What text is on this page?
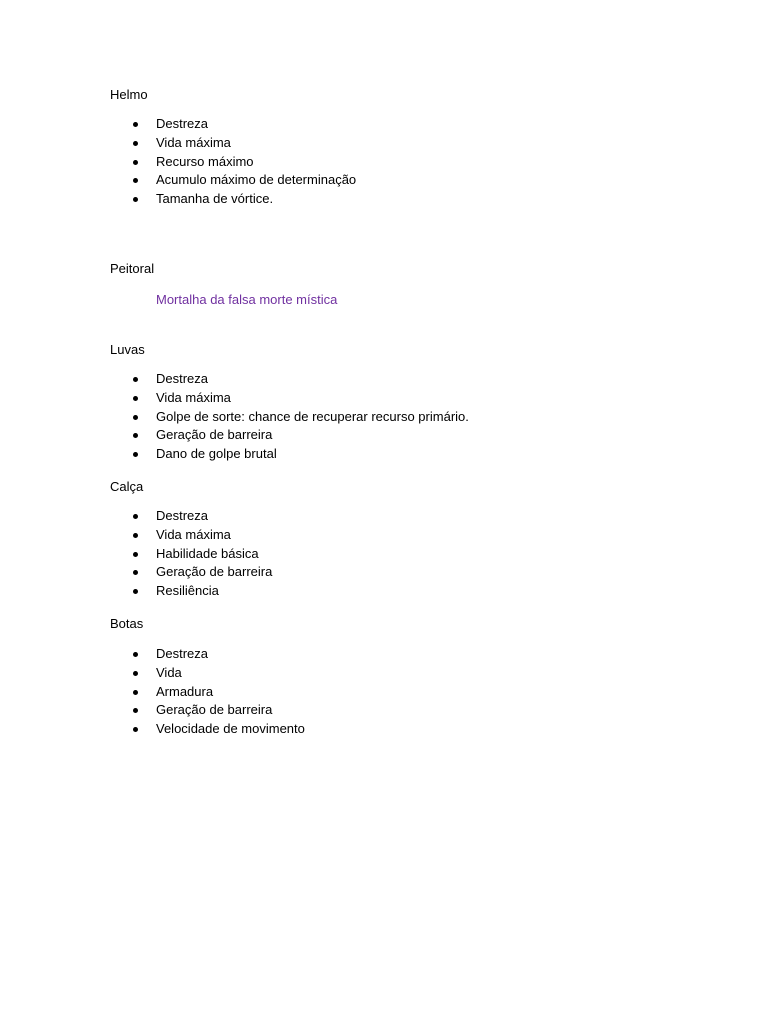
Helmo

Destreza
Vida máxima
Recurso máximo
Acumulo máximo de determinação
Tamanha de vórtice.

Peitoral

Mortalha da falsa morte mística

Luvas

Destreza
Vida máxima
Golpe de sorte: chance de recuperar recurso primário.
Geração de barreira
Dano de golpe brutal

Calça

Destreza
Vida máxima
Habilidade básica
Geração de barreira
Resiliência

Botas

Destreza
Vida
Armadura
Geração de barreira
Velocidade de movimento
